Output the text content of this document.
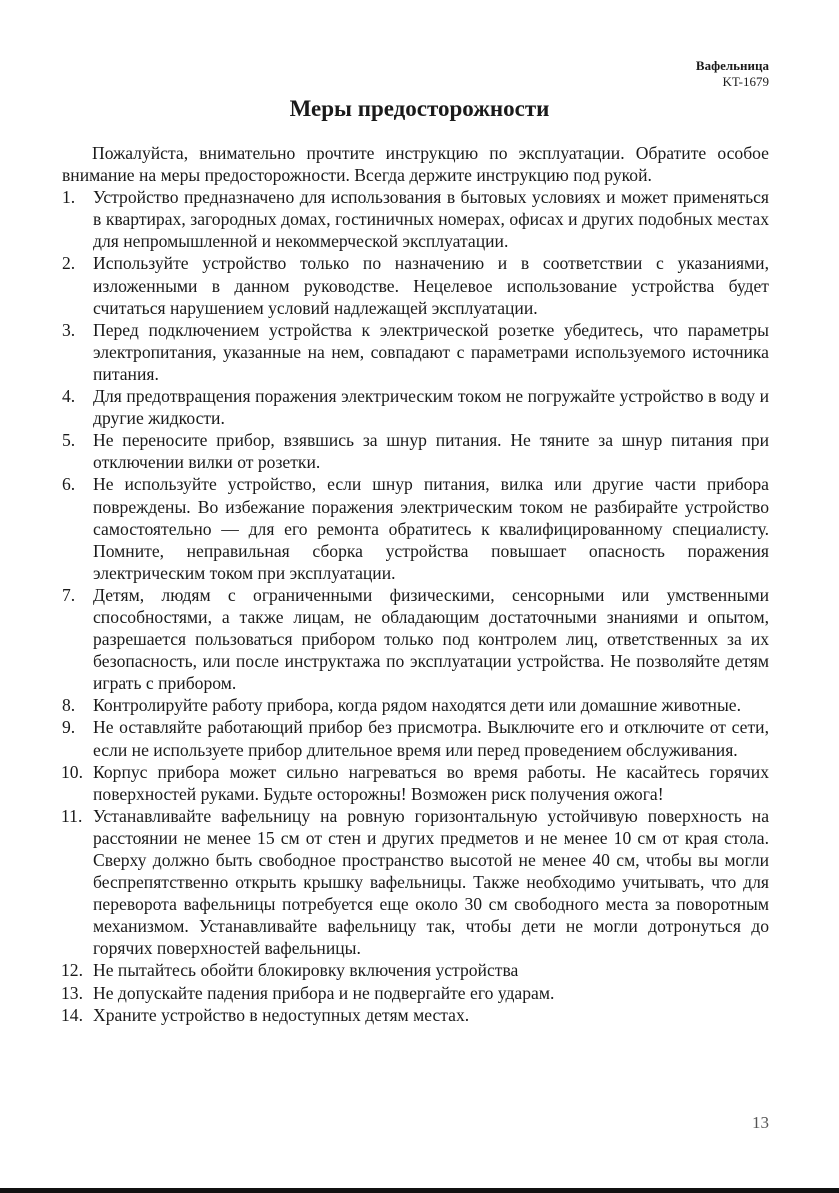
Вафельница
KT-1679
Меры предосторожности

Пожалуйста, внимательно прочтите инструкцию по эксплуатации. Обратите особое внимание на меры предосторожности. Всегда держите инструкцию под рукой.

1.	Устройство предназначено для использования в бытовых условиях и может применяться в квартирах, загородных домах, гостиничных номерах, офисах и других подобных местах для непромышленной и некоммерческой эксплуатации.
2.	Используйте устройство только по назначению и в соответствии с указаниями, изложенными в данном руководстве. Нецелевое использование устройства будет считаться нарушением условий надлежащей эксплуатации.
3.	Перед подключением устройства к электрической розетке убедитесь, что параметры электропитания, указанные на нем, совпадают с параметрами используемого источника питания.
4.	Для предотвращения поражения электрическим током не погружайте устройство в воду и другие жидкости.
5.	Не переносите прибор, взявшись за шнур питания. Не тяните за шнур питания при отключении вилки от розетки.
6.	Не используйте устройство, если шнур питания, вилка или другие части прибора повреждены. Во избежание поражения электрическим током не разбирайте устройство самостоятельно — для его ремонта обратитесь к квалифицированному специалисту. Помните, неправильная сборка устройства повышает опасность поражения электрическим током при эксплуатации.
7.	Детям, людям с ограниченными физическими, сенсорными или умственными способностями, а также лицам, не обладающим достаточными знаниями и опытом, разрешается пользоваться прибором только под контролем лиц, ответственных за их безопасность, или после инструктажа по эксплуатации устройства. Не позволяйте детям играть с прибором.
8.	Контролируйте работу прибора, когда рядом находятся дети или домашние животные.
9.	Не оставляйте работающий прибор без присмотра. Выключите его и отключите от сети, если не используете прибор длительное время или перед проведением обслуживания.
10. Корпус прибора может сильно нагреваться во время работы. Не касайтесь горячих поверхностей руками. Будьте осторожны! Возможен риск получения ожога!
11. Устанавливайте вафельницу на ровную горизонтальную устойчивую поверхность на расстоянии не менее 15 см от стен и других предметов и не менее 10 см от края стола. Сверху должно быть свободное пространство высотой не менее 40 см, чтобы вы могли беспрепятственно открыть крышку вафельницы. Также необходимо учитывать, что для переворота вафельницы потребуется еще около 30 см свободного места за поворотным механизмом. Устанавливайте вафельницу так, чтобы дети не могли дотронуться до горячих поверхностей вафельницы.
12. Не пытайтесь обойти блокировку включения устройства
13. Не допускайте падения прибора и не подвергайте его ударам.
14. Храните устройство в недоступных детям местах.
13
